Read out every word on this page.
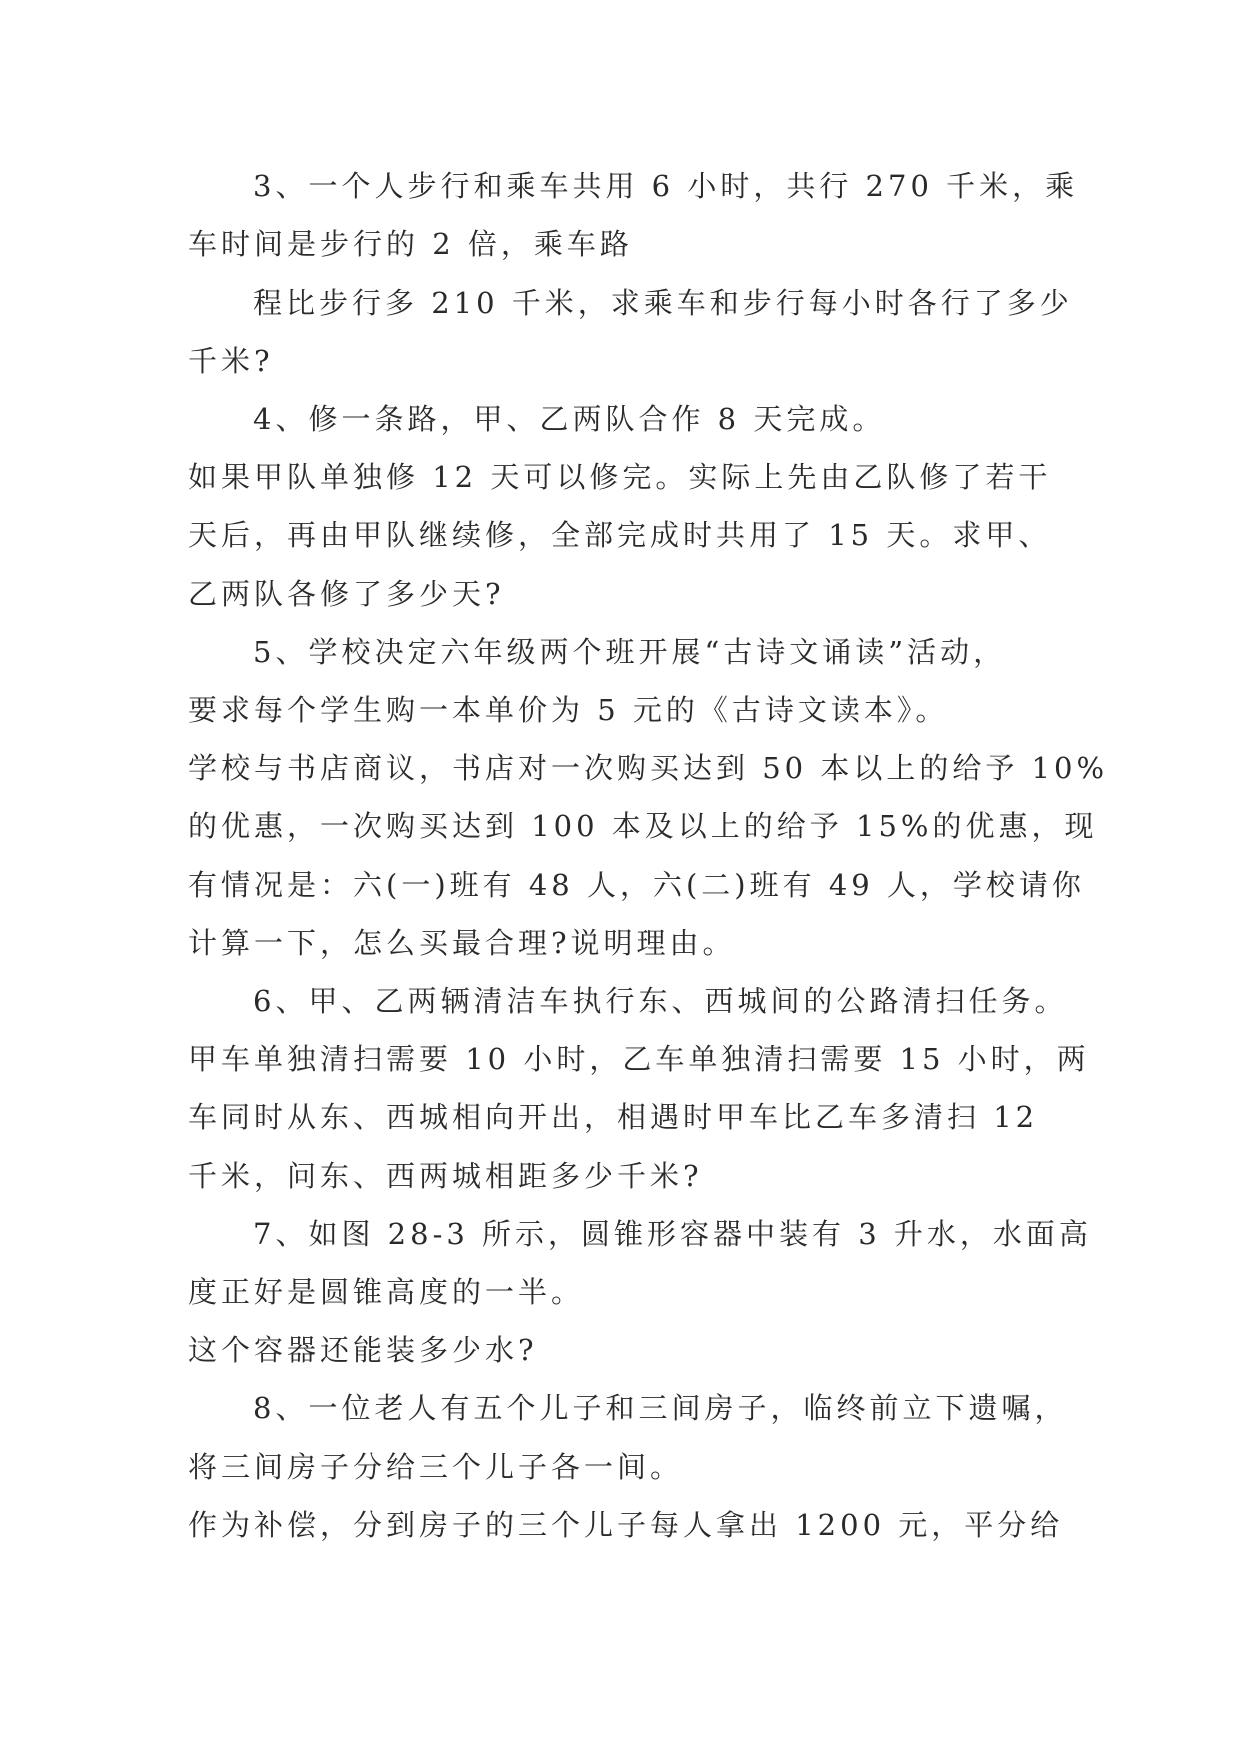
3、一个人步行和乘车共用 6 小时，共行 270 千米，乘
车时间是步行的 2 倍，乘车路
程比步行多 210 千米，求乘车和步行每小时各行了多少
千米?
4、修一条路，甲、乙两队合作 8 天完成。
如果甲队单独修 12 天可以修完。实际上先由乙队修了若干
天后，再由甲队继续修，全部完成时共用了 15 天。求甲、
乙两队各修了多少天?
5、学校决定六年级两个班开展“古诗文诵读”活动，
要求每个学生购一本单价为 5 元的《古诗文读本》。
学校与书店商议，书店对一次购买达到 50 本以上的给予 10%
的优惠，一次购买达到 100 本及以上的给予 15%的优惠，现
有情况是：六(一)班有 48 人，六(二)班有 49 人，学校请你
计算一下，怎么买最合理?说明理由。
6、甲、乙两辆清洁车执行东、西城间的公路清扫任务。
甲车单独清扫需要 10 小时，乙车单独清扫需要 15 小时，两
车同时从东、西城相向开出，相遇时甲车比乙车多清扫 12
千米，问东、西两城相距多少千米?
7、如图 28-3 所示，圆锥形容器中装有 3 升水，水面高
度正好是圆锥高度的一半。
这个容器还能装多少水?
8、一位老人有五个儿子和三间房子，临终前立下遗嘱，
将三间房子分给三个儿子各一间。
作为补偿，分到房子的三个儿子每人拿出 1200 元，平分给
